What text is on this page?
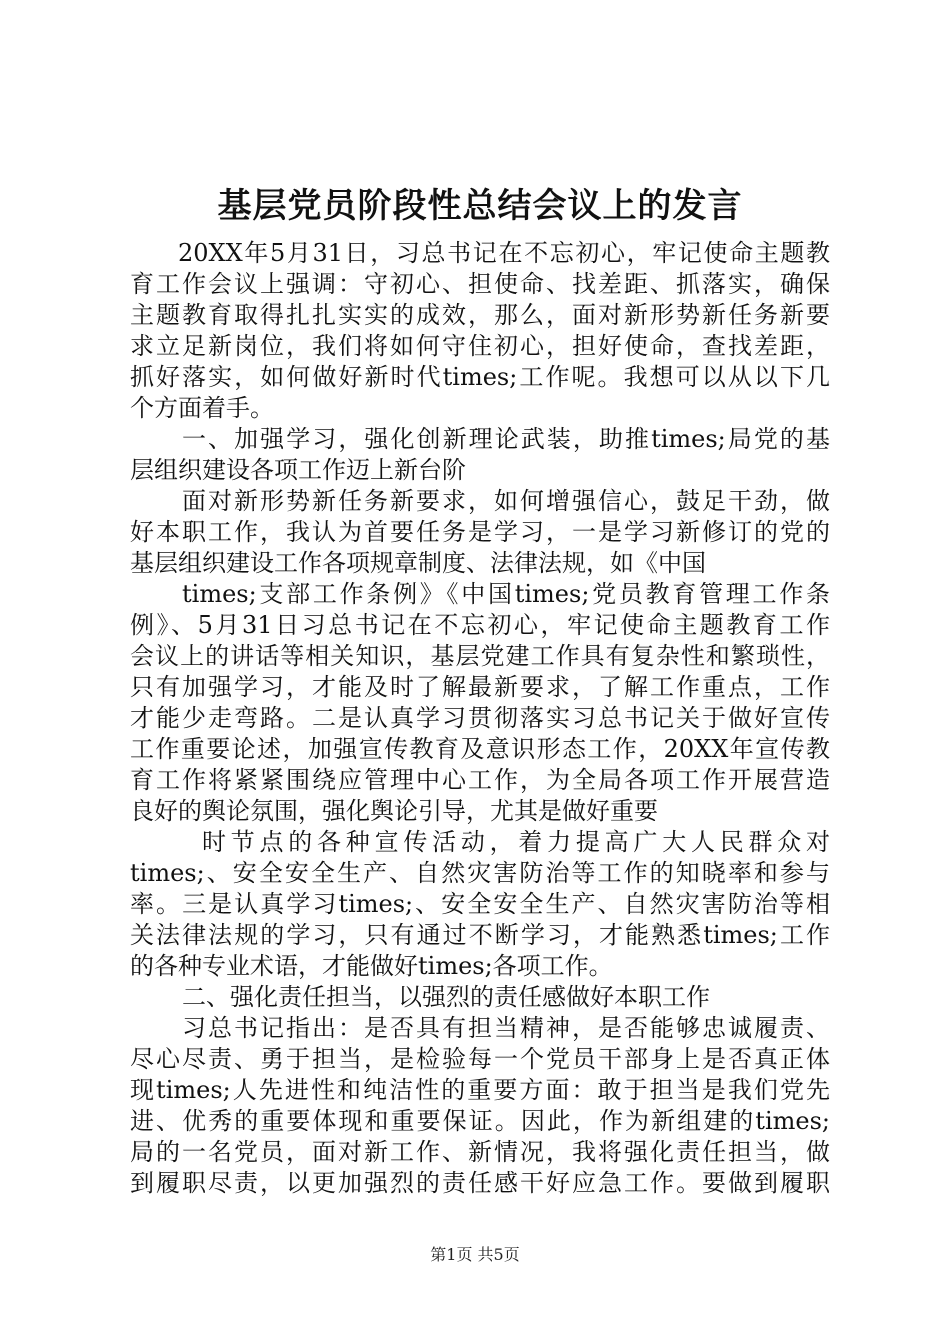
基层党员阶段性总结会议上的发言
20XX年5月31日，习总书记在不忘初心，牢记使命主题教
育工作会议上强调：守初心、担使命、找差距、抓落实，确保
主题教育取得扎扎实实的成效，那么，面对新形势新任务新要
求立足新岗位，我们将如何守住初心，担好使命，查找差距，
抓好落实，如何做好新时代times;工作呢。我想可以从以下几
个方面着手。
一、加强学习，强化创新理论武装，助推times;局党的基
层组织建设各项工作迈上新台阶
面对新形势新任务新要求，如何增强信心，鼓足干劲，做
好本职工作，我认为首要任务是学习，一是学习新修订的党的
基层组织建设工作各项规章制度、法律法规，如《中国
times;支部工作条例》《中国times;党员教育管理工作条
例》、5月31日习总书记在不忘初心，牢记使命主题教育工作
会议上的讲话等相关知识，基层党建工作具有复杂性和繁琐性，
只有加强学习，才能及时了解最新要求，了解工作重点，工作
才能少走弯路。二是认真学习贯彻落实习总书记关于做好宣传
工作重要论述，加强宣传教育及意识形态工作，20XX年宣传教
育工作将紧紧围绕应管理中心工作，为全局各项工作开展营造
良好的舆论氛围，强化舆论引导，尤其是做好重要
时节点的各种宣传活动，着力提高广大人民群众对
times;、安全安全生产、自然灾害防治等工作的知晓率和参与
率。三是认真学习times;、安全安全生产、自然灾害防治等相
关法律法规的学习，只有通过不断学习，才能熟悉times;工作
的各种专业术语，才能做好times;各项工作。
二、强化责任担当，以强烈的责任感做好本职工作
习总书记指出：是否具有担当精神，是否能够忠诚履责、
尽心尽责、勇于担当，是检验每一个党员干部身上是否真正体
现times;人先进性和纯洁性的重要方面：敢于担当是我们党先
进、优秀的重要体现和重要保证。因此，作为新组建的times;
局的一名党员，面对新工作、新情况，我将强化责任担当，做
到履职尽责，以更加强烈的责任感干好应急工作。要做到履职
第1页 共5页
